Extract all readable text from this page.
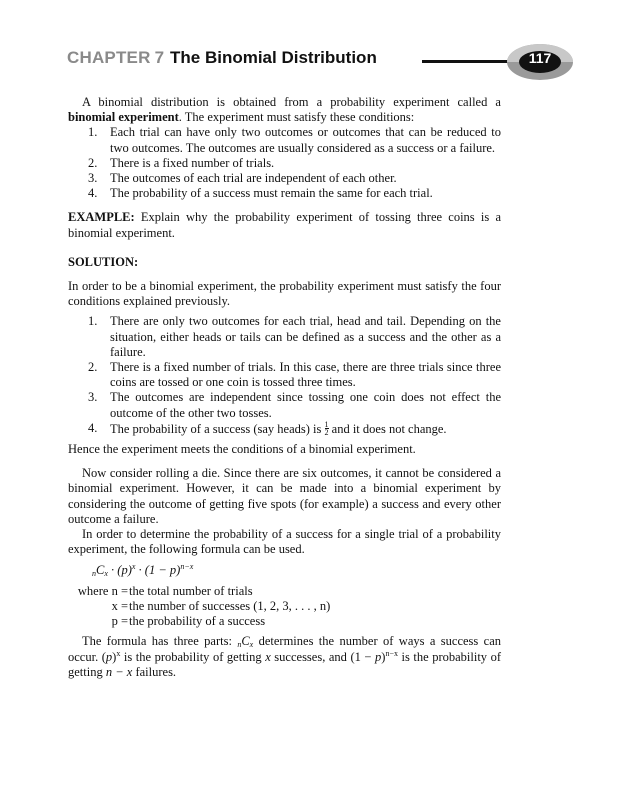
CHAPTER 7 The Binomial Distribution	117

A binomial distribution is obtained from a probability experiment called a binomial experiment. The experiment must satisfy these conditions:

1. Each trial can have only two outcomes or outcomes that can be reduced to two outcomes. The outcomes are usually considered as a success or a failure.
2. There is a fixed number of trials.
3. The outcomes of each trial are independent of each other.
4. The probability of a success must remain the same for each trial.

EXAMPLE: Explain why the probability experiment of tossing three coins is a binomial experiment.

SOLUTION:

In order to be a binomial experiment, the probability experiment must satisfy the four conditions explained previously.

1. There are only two outcomes for each trial, head and tail. Depending on the situation, either heads or tails can be defined as a success and the other as a failure.
2. There is a fixed number of trials. In this case, there are three trials since three coins are tossed or one coin is tossed three times.
3. The outcomes are independent since tossing one coin does not effect the outcome of the other two tosses.
4. The probability of a success (say heads) is $\frac{1}{2}$ and it does not change.

Hence the experiment meets the conditions of a binomial experiment.

Now consider rolling a die. Since there are six outcomes, it cannot be considered a binomial experiment. However, it can be made into a binomial experiment by considering the outcome of getting five spots (for example) a success and every other outcome a failure.

In order to determine the probability of a success for a single trial of a probability experiment, the following formula can be used.

$_nC_x \cdot (p)^x \cdot (1 - p)^{n-x}$
where n = the total number of trials
x = the number of successes (1, 2, 3, . . . , n)
p = the probability of a success

The formula has three parts: $_nC_x$ determines the number of ways a success can occur. $(p)^x$ is the probability of getting x successes, and $(1 - p)^{n-x}$ is the probability of getting n − x failures.
